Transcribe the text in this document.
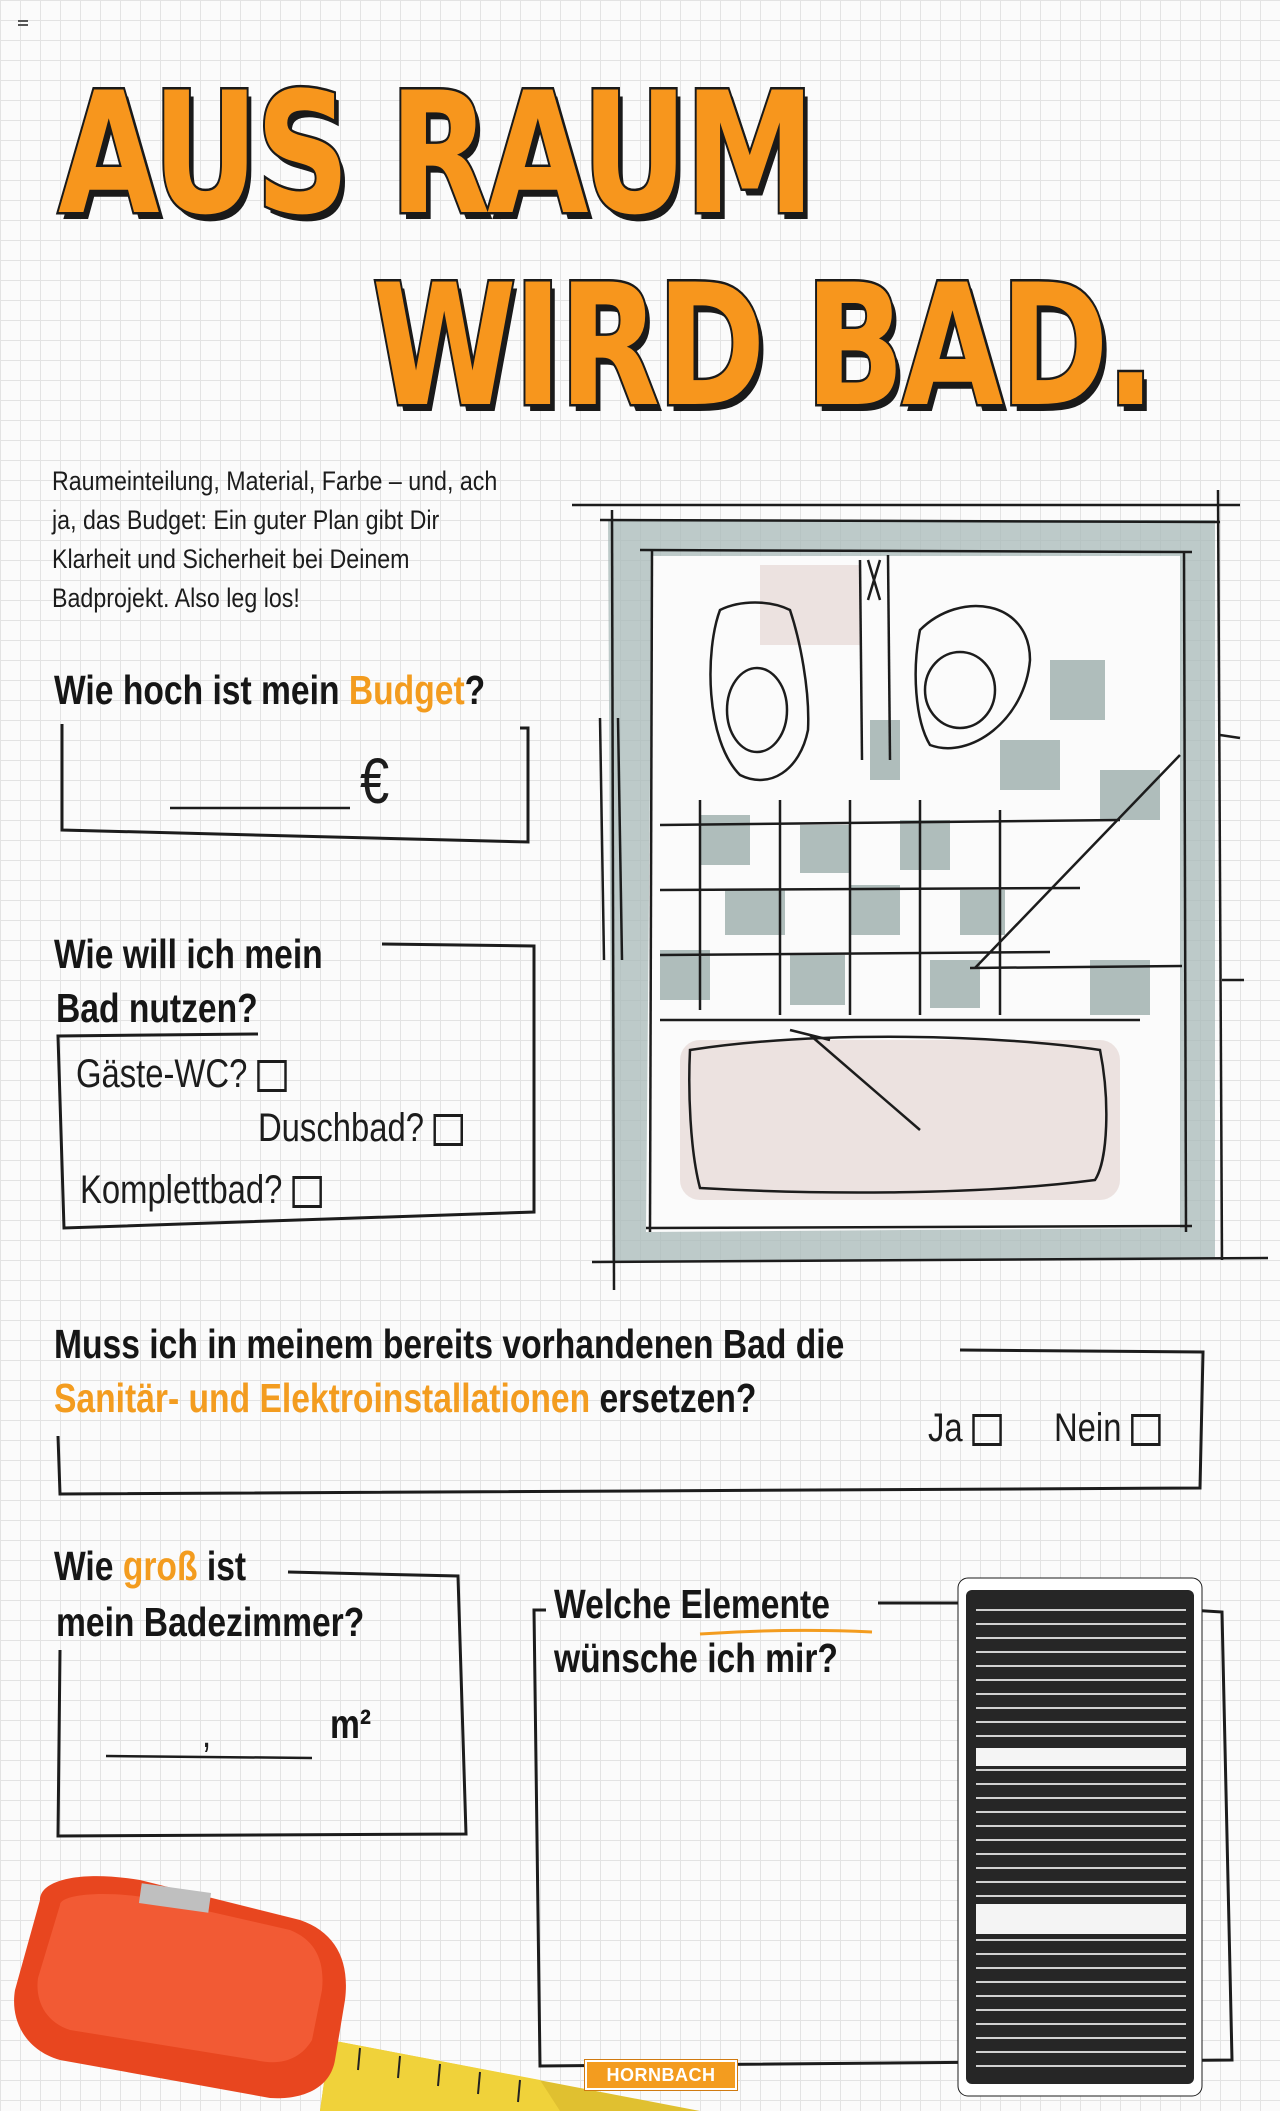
AUS RAUM
WIRD BAD.
Raumeinteilung, Material, Farbe – und, ach ja, das Budget: Ein guter Plan gibt Dir Klarheit und Sicherheit bei Deinem Badprojekt. Also leg los!
Wie hoch ist mein Budget?
€
Wie will ich mein
Bad nutzen?
Gäste-WC?
Duschbad?
Komplettbad?
Muss ich in meinem bereits vorhandenen Bad die
Sanitär- und Elektroinstallationen ersetzen?
Ja	Nein
Wie groß ist
mein Badezimmer?
,	m²
Welche Elemente
wünsche ich mir?
HORNBACH
